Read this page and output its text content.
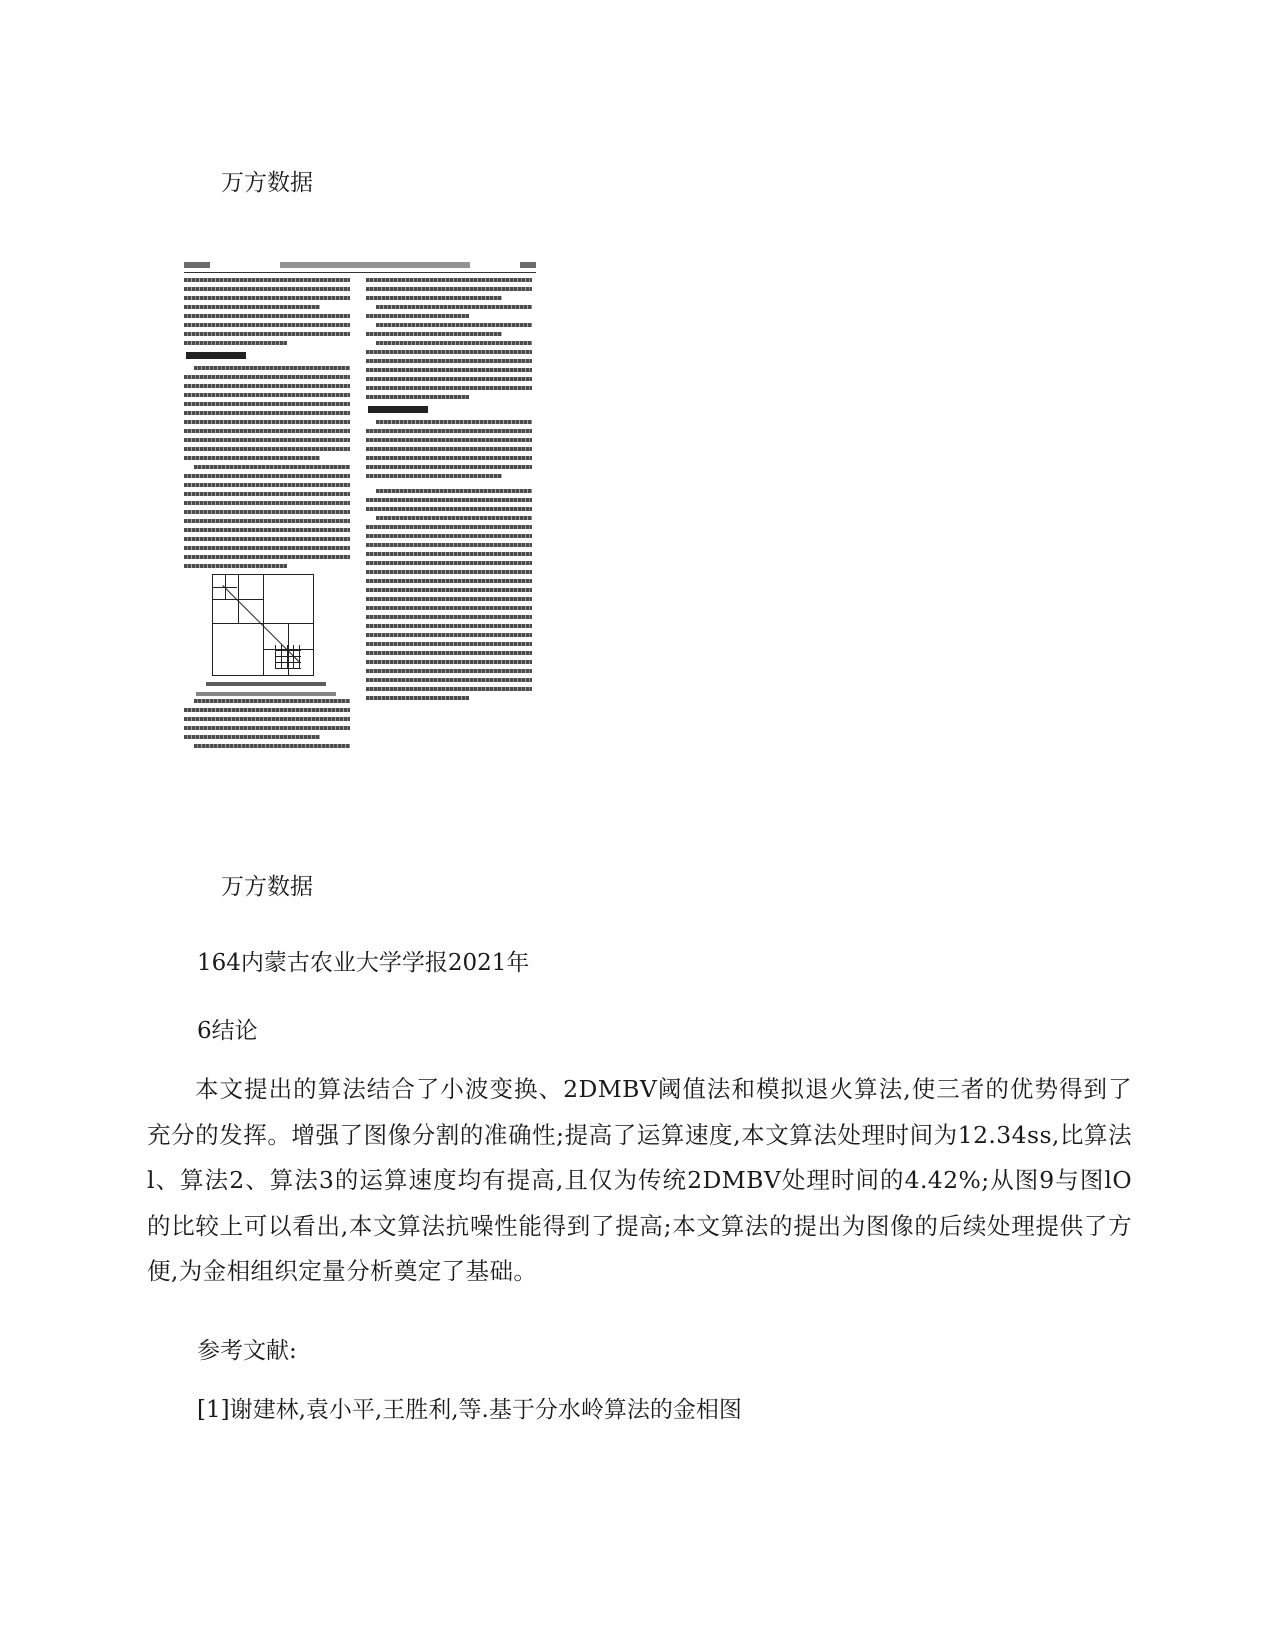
万方数据
万方数据
164内蒙古农业大学学报2021年
6结论
本文提出的算法结合了小波变换、2DMBV阈值法和模拟退火算法,使三者的优势得到了充分的发挥。增强了图像分割的准确性;提高了运算速度,本文算法处理时间为12.34ss,比算法l、算法2、算法3的运算速度均有提高,且仅为传统2DMBV处理时间的4.42%;从图9与图lO的比较上可以看出,本文算法抗噪性能得到了提高;本文算法的提出为图像的后续处理提供了方便,为金相组织定量分析奠定了基础。
参考文献:
[1]谢建林,袁小平,王胜利,等.基于分水岭算法的金相图
